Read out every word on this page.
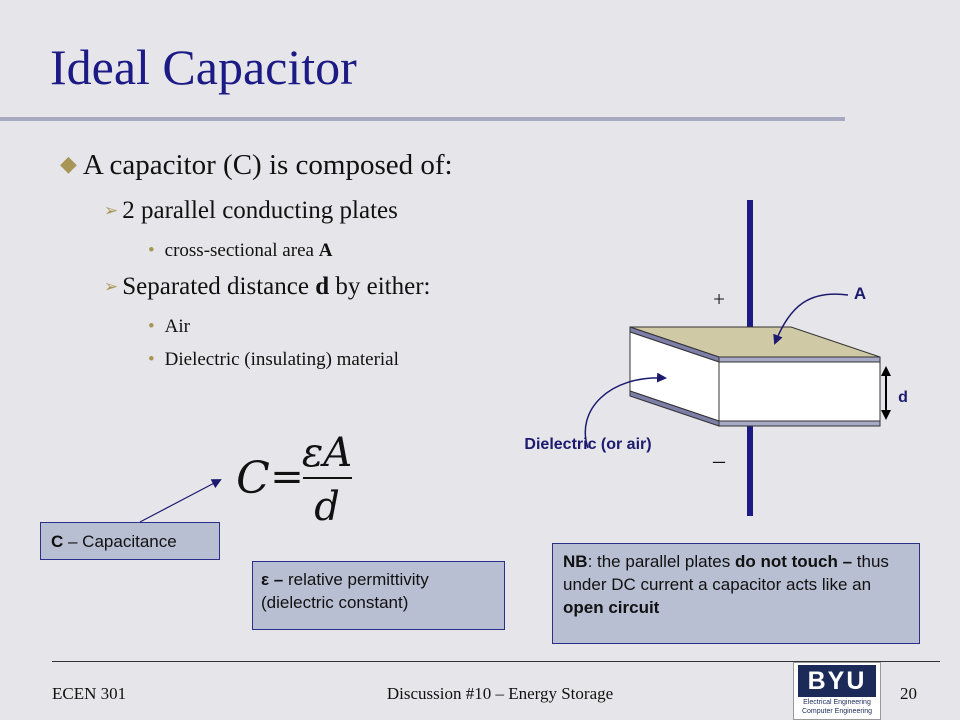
Ideal Capacitor
◆ A capacitor (C) is composed of:
➢ 2 parallel conducting plates
• cross-sectional area A
➢ Separated distance d by either:
• Air
• Dielectric (insulating) material
+
–
A
d
Dielectric (or air)
C =
εA
d
C – Capacitance
ε – relative permittivity
(dielectric constant)
NB: the parallel plates do not touch – thus under DC current a capacitor acts like an open circuit
ECEN 301	Discussion #10 – Energy Storage	20
BYU
Electrical Engineering
Computer Engineering
